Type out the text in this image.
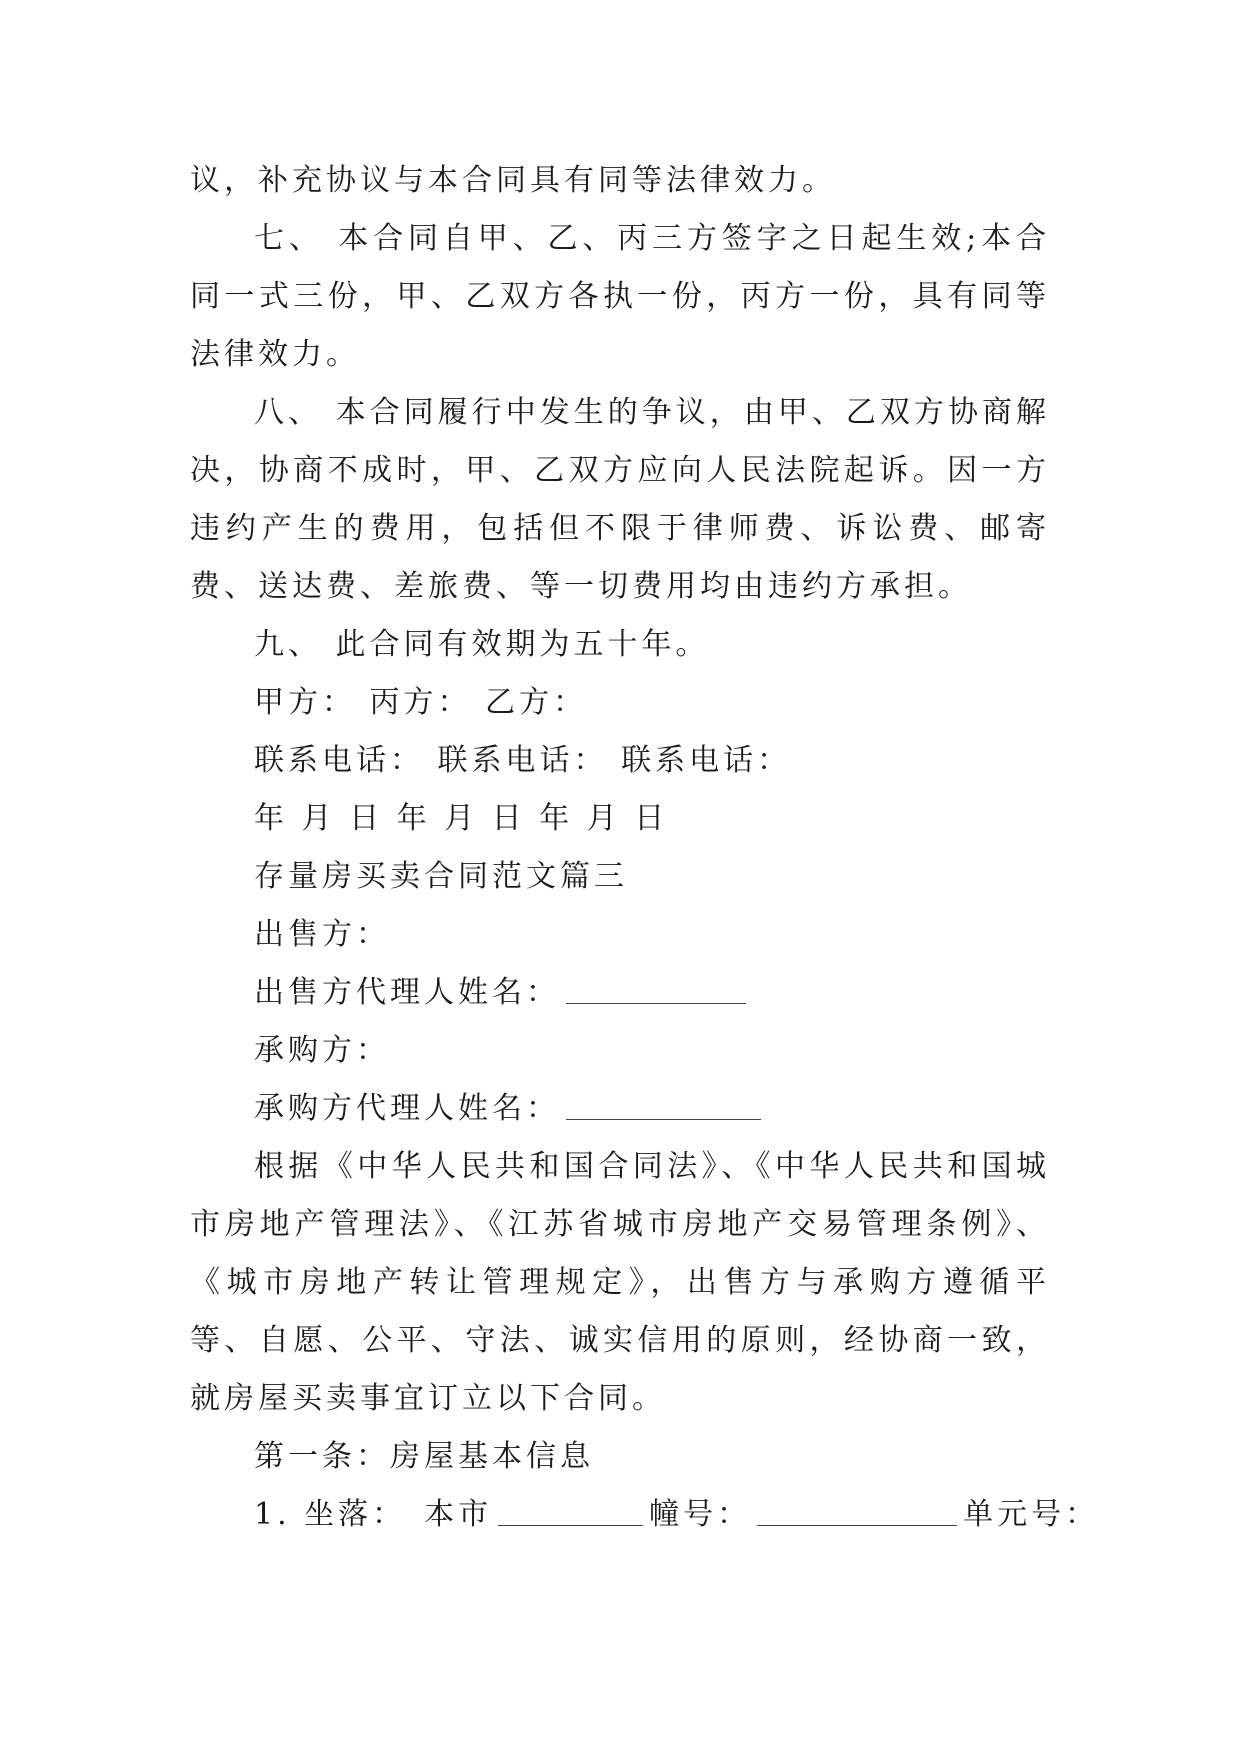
议，补充协议与本合同具有同等法律效力。

七、 本合同自甲、乙、丙三方签字之日起生效;本合同一式三份，甲、乙双方各执一份，丙方一份，具有同等法律效力。

八、 本合同履行中发生的争议，由甲、乙双方协商解决，协商不成时，甲、乙双方应向人民法院起诉。因一方违约产生的费用，包括但不限于律师费、诉讼费、邮寄费、送达费、差旅费、等一切费用均由违约方承担。

九、 此合同有效期为五十年。

甲方： 丙方： 乙方：

联系电话： 联系电话： 联系电话：

年 月 日 年 月 日 年 月 日

存量房买卖合同范文篇三

出售方：

出售方代理人姓名：

承购方：

承购方代理人姓名：

根据《中华人民共和国合同法》、《中华人民共和国城市房地产管理法》、《江苏省城市房地产交易管理条例》、《城市房地产转让管理规定》，出售方与承购方遵循平等、自愿、公平、守法、诚实信用的原则，经协商一致，就房屋买卖事宜订立以下合同。

第一条：房屋基本信息

1. 坐落： 本市	幢号：	单元号：
